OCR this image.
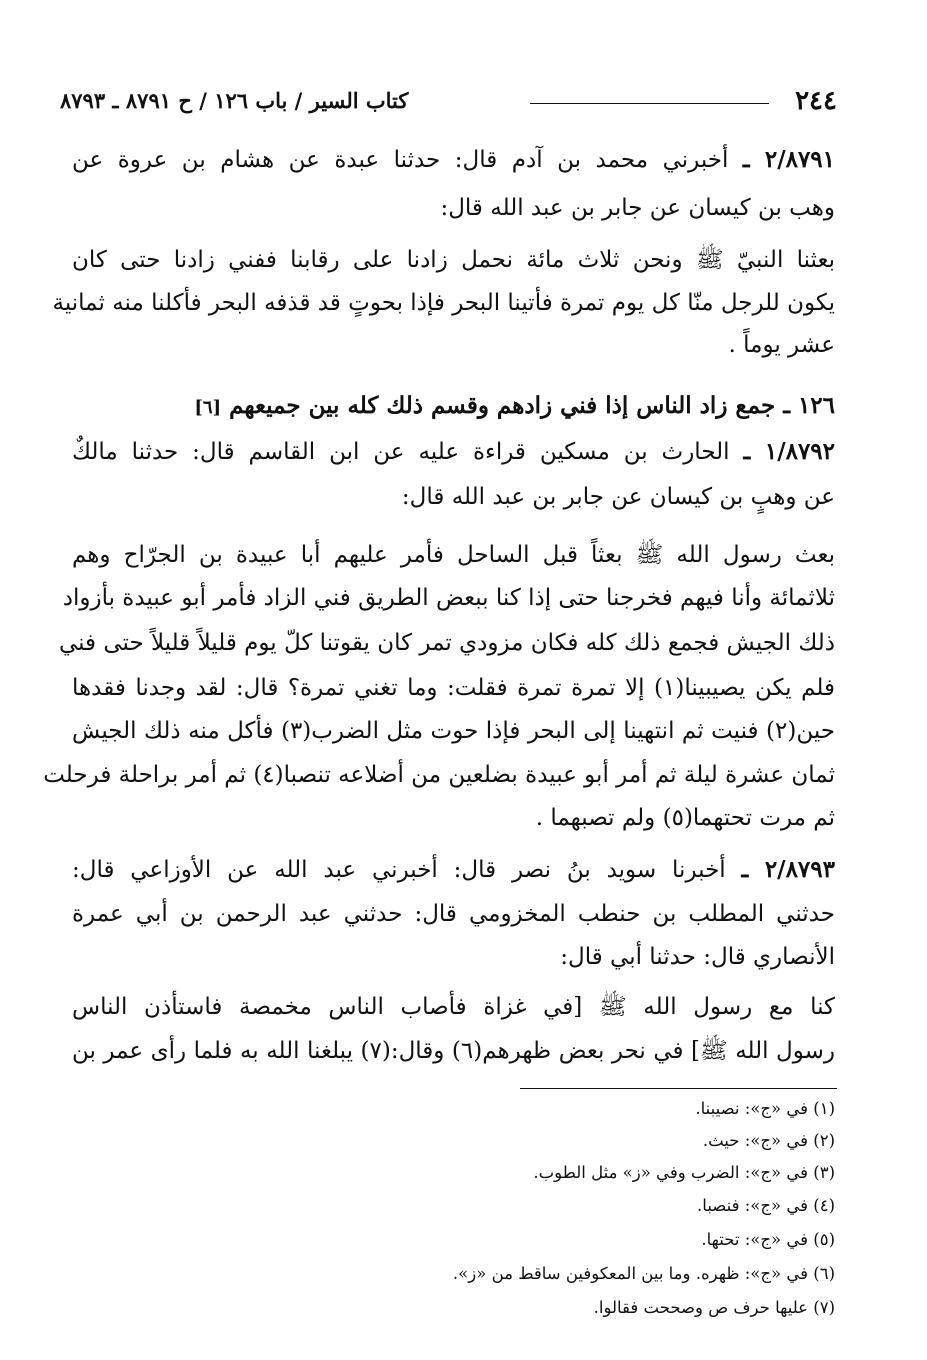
٢٤٤
كتاب السير / باب ١٢٦ / ح ٨٧٩١ ـ ٨٧٩٣
٢/٨٧٩١ ـ أخبرني محمد بن آدم قال: حدثنا عبدة عن هشام بن عروة عن
وهب بن كيسان عن جابر بن عبد الله قال:
بعثنا النبيّ ﷺ ونحن ثلاث مائة نحمل زادنا على رقابنا ففني زادنا حتى كان
يكون للرجل منّا كل يوم تمرة فأتينا البحر فإذا بحوتٍ قد قذفه البحر فأكلنا منه ثمانية
عشر يوماً .
١٢٦ ـ جمع زاد الناس إذا فني زادهم وقسم ذلك كله بين جميعهم [٦]
١/٨٧٩٢ ـ الحارث بن مسكين قراءة عليه عن ابن القاسم قال: حدثنا مالكٌ
عن وهبٍ بن كيسان عن جابر بن عبد الله قال:
بعث رسول الله ﷺ بعثاً قبل الساحل فأمر عليهم أبا عبيدة بن الجرّاح وهم
ثلاثمائة وأنا فيهم فخرجنا حتى إذا كنا ببعض الطريق فني الزاد فأمر أبو عبيدة بأزواد
ذلك الجيش فجمع ذلك كله فكان مزودي تمر كان يقوتنا كلّ يوم قليلاً قليلاً حتى فني
فلم يكن يصيبينا(١) إلا تمرة تمرة فقلت: وما تغني تمرة؟ قال: لقد وجدنا فقدها
حين(٢) فنيت ثم انتهينا إلى البحر فإذا حوت مثل الضرب(٣) فأكل منه ذلك الجيش
ثمان عشرة ليلة ثم أمر أبو عبيدة بضلعين من أضلاعه تنصبا(٤) ثم أمر براحلة فرحلت
ثم مرت تحتهما(٥) ولم تصبهما .
٢/٨٧٩٣ ـ أخبرنا سويد بنُ نصر قال: أخبرني عبد الله عن الأوزاعي قال:
حدثني المطلب بن حنطب المخزومي قال: حدثني عبد الرحمن بن أبي عمرة
الأنصاري قال: حدثنا أبي قال:
كنا مع رسول الله ﷺ [في غزاة فأصاب الناس مخمصة فاستأذن الناس
رسول الله ﷺ] في نحر بعض ظهرهم(٦) وقال:(٧) يبلغنا الله به فلما رأى عمر بن
(١) في «ج»: نصيبنا.
(٢) في «ج»: حيث.
(٣) في «ج»: الضرب وفي «ز» مثل الطوب.
(٤) في «ج»: فنصبا.
(٥) في «ج»: تحتها.
(٦) في «ج»: ظهره. وما بين المعكوفين ساقط من «ز».
(٧) عليها حرف ص وصححت فقالوا.
